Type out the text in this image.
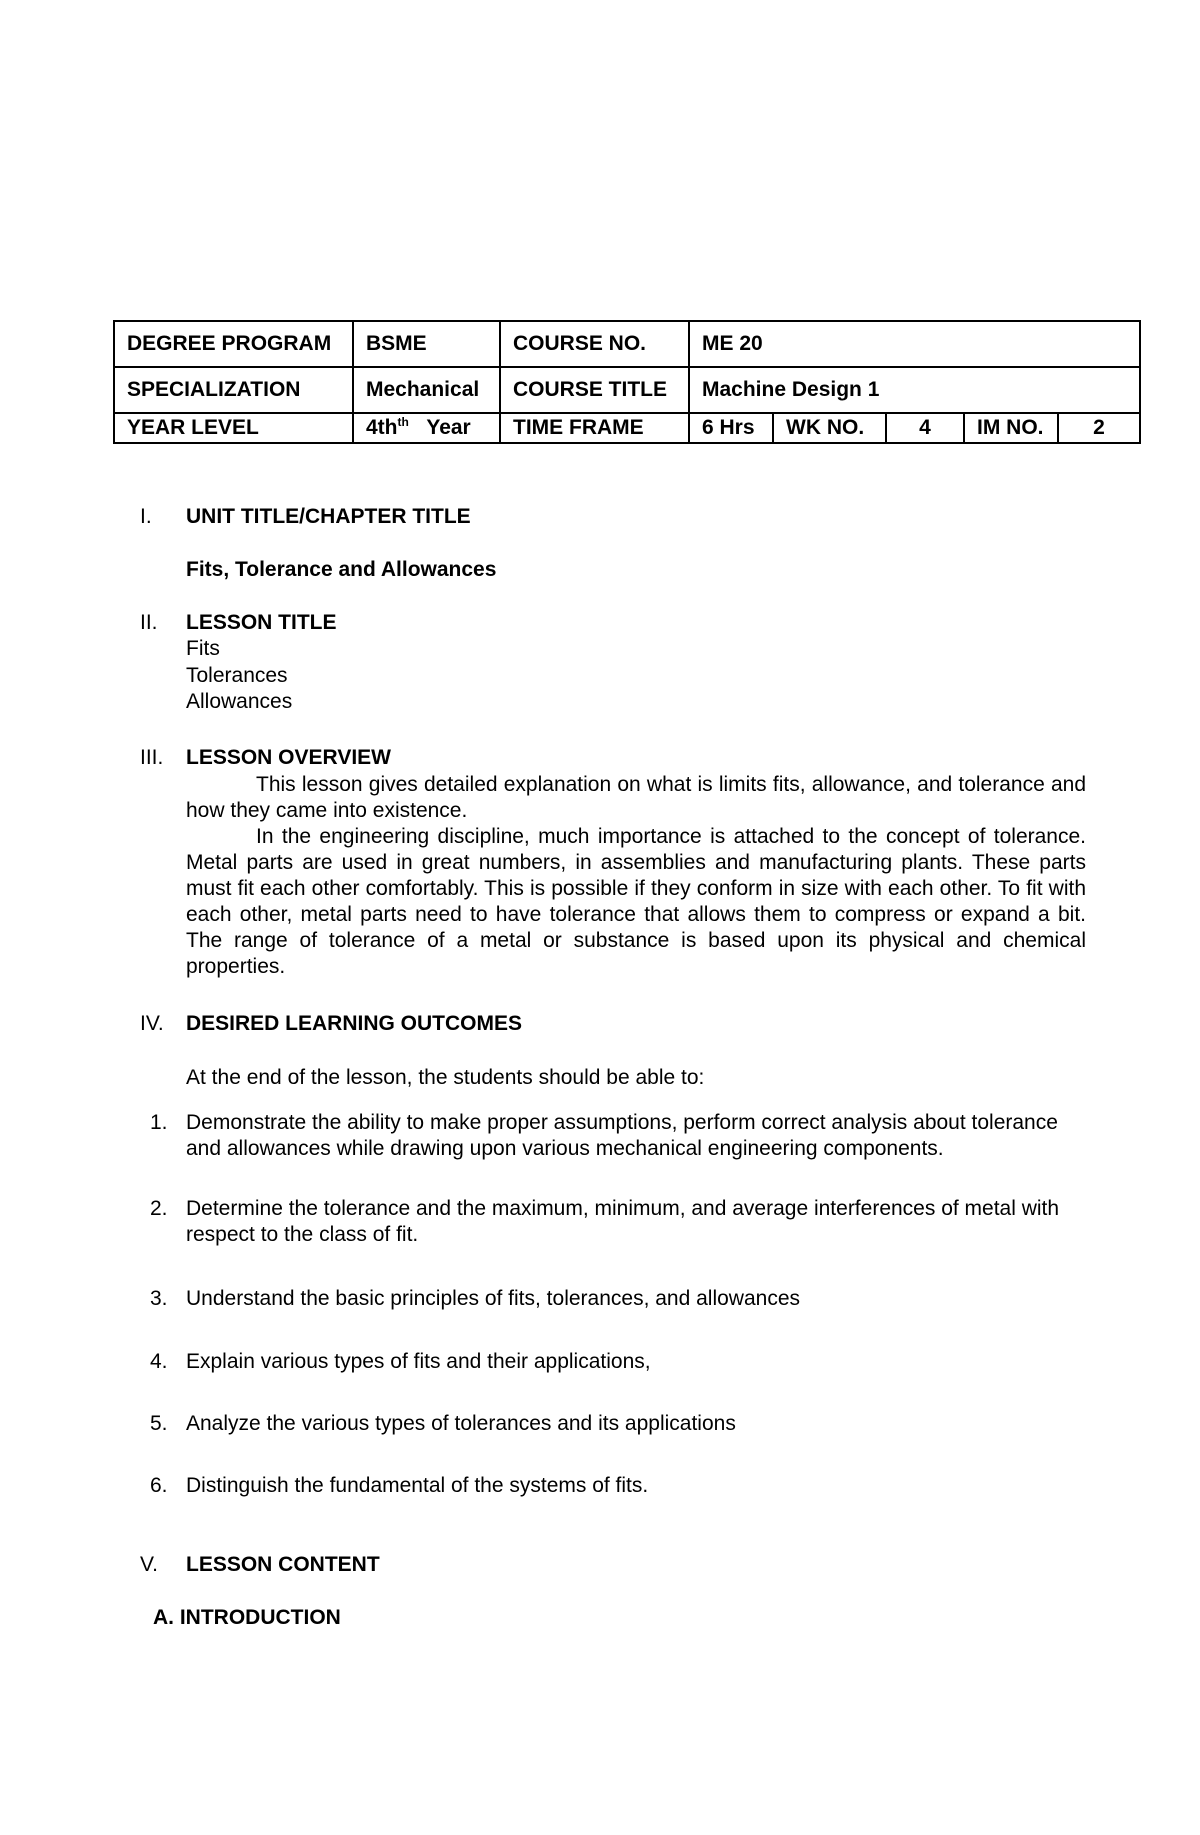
DEGREE PROGRAM	BSME	COURSE NO.	ME 20				
SPECIALIZATION	Mechanical	COURSE TITLE	Machine Design 1				
YEAR LEVEL	$4th^{th}$ Year	TIME FRAME	6 Hrs	WK NO.	4	IM NO.	2
I. UNIT TITLE/CHAPTER TITLE
Fits, Tolerance and Allowances
II. LESSON TITLE
Fits
Tolerances
Allowances
III. LESSON OVERVIEW
This lesson gives detailed explanation on what is limits fits, allowance, and tolerance and how they came into existence.
In the engineering discipline, much importance is attached to the concept of tolerance. Metal parts are used in great numbers, in assemblies and manufacturing plants. These parts must fit each other comfortably. This is possible if they conform in size with each other. To fit with each other, metal parts need to have tolerance that allows them to compress or expand a bit. The range of tolerance of a metal or substance is based upon its physical and chemical properties.
IV. DESIRED LEARNING OUTCOMES
At the end of the lesson, the students should be able to:
1. Demonstrate the ability to make proper assumptions, perform correct analysis about tolerance and allowances while drawing upon various mechanical engineering components.
2. Determine the tolerance and the maximum, minimum, and average interferences of metal with respect to the class of fit.
3. Understand the basic principles of fits, tolerances, and allowances
4. Explain various types of fits and their applications,
5. Analyze the various types of tolerances and its applications
6. Distinguish the fundamental of the systems of fits.
V. LESSON CONTENT
A. INTRODUCTION
